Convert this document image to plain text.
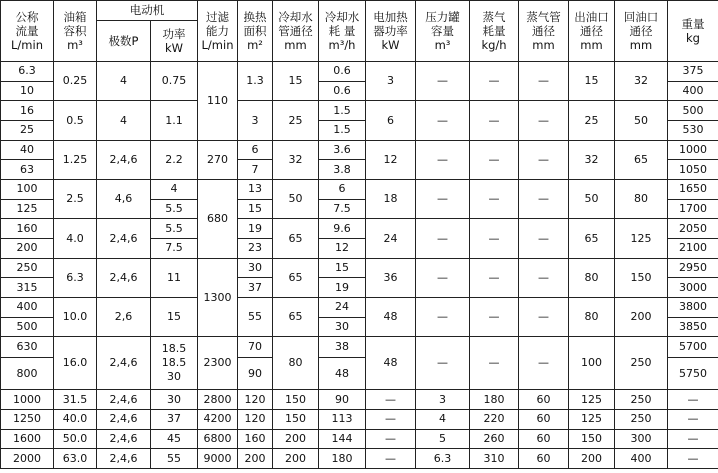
公称
流量
L/min	油箱
容积
m³	电动机		过滤
能力
L/min	换热
面积
m²	冷却水
管通径
mm	冷却水
耗 量
m³/h	电加热
器功率
kW	压力罐
容量
m³	蒸气
耗量
kg/h	蒸气管
通径
mm	出油口
通径
mm	回油口
通径
mm	重量
kg

		极数P	功率
kW											

6.3	0.25	4	0.75	110	1.3	15	0.6	3	—	—	—	15	32	375
10							0.6							400
16	0.5	4	1.1		3	25	1.5	6	—	—	—	25	50	500
25							1.5							530
40	1.25	2,4,6	2.2	270	6	32	3.6	12	—	—	—	32	65	1000
63					7		3.8							1050
100	2.5	4,6	4	680	13	50	6	18	—	—	—	50	80	1650
125			5.5		15		7.5							1700
160	4.0	2,4,6	5.5		19	65	9.6	24	—	—	—	65	125	2050
200			7.5		23		12							2100
250	6.3	2,4,6	11	1300	30	65	15	36	—	—	—	80	150	2950
315					37		19							3000
400	10.0	2,6	15		55	65	24	48	—	—	—	80	200	3800
500							30							3850
630	16.0	2,4,6	18.5
18.5
30	2300	70	80	38	48	—	—	—	100	250	5700
800					90		48							5750
1000	31.5	2,4,6	30	2800	120	150	90	—	3	180	60	125	250	—
1250	40.0	2,4,6	37	4200	120	150	113	—	4	220	60	125	250	—
1600	50.0	2,4,6	45	6800	160	200	144	—	5	260	60	150	300	—
2000	63.0	2,4,6	55	9000	200	200	180	—	6.3	310	60	200	400	—
